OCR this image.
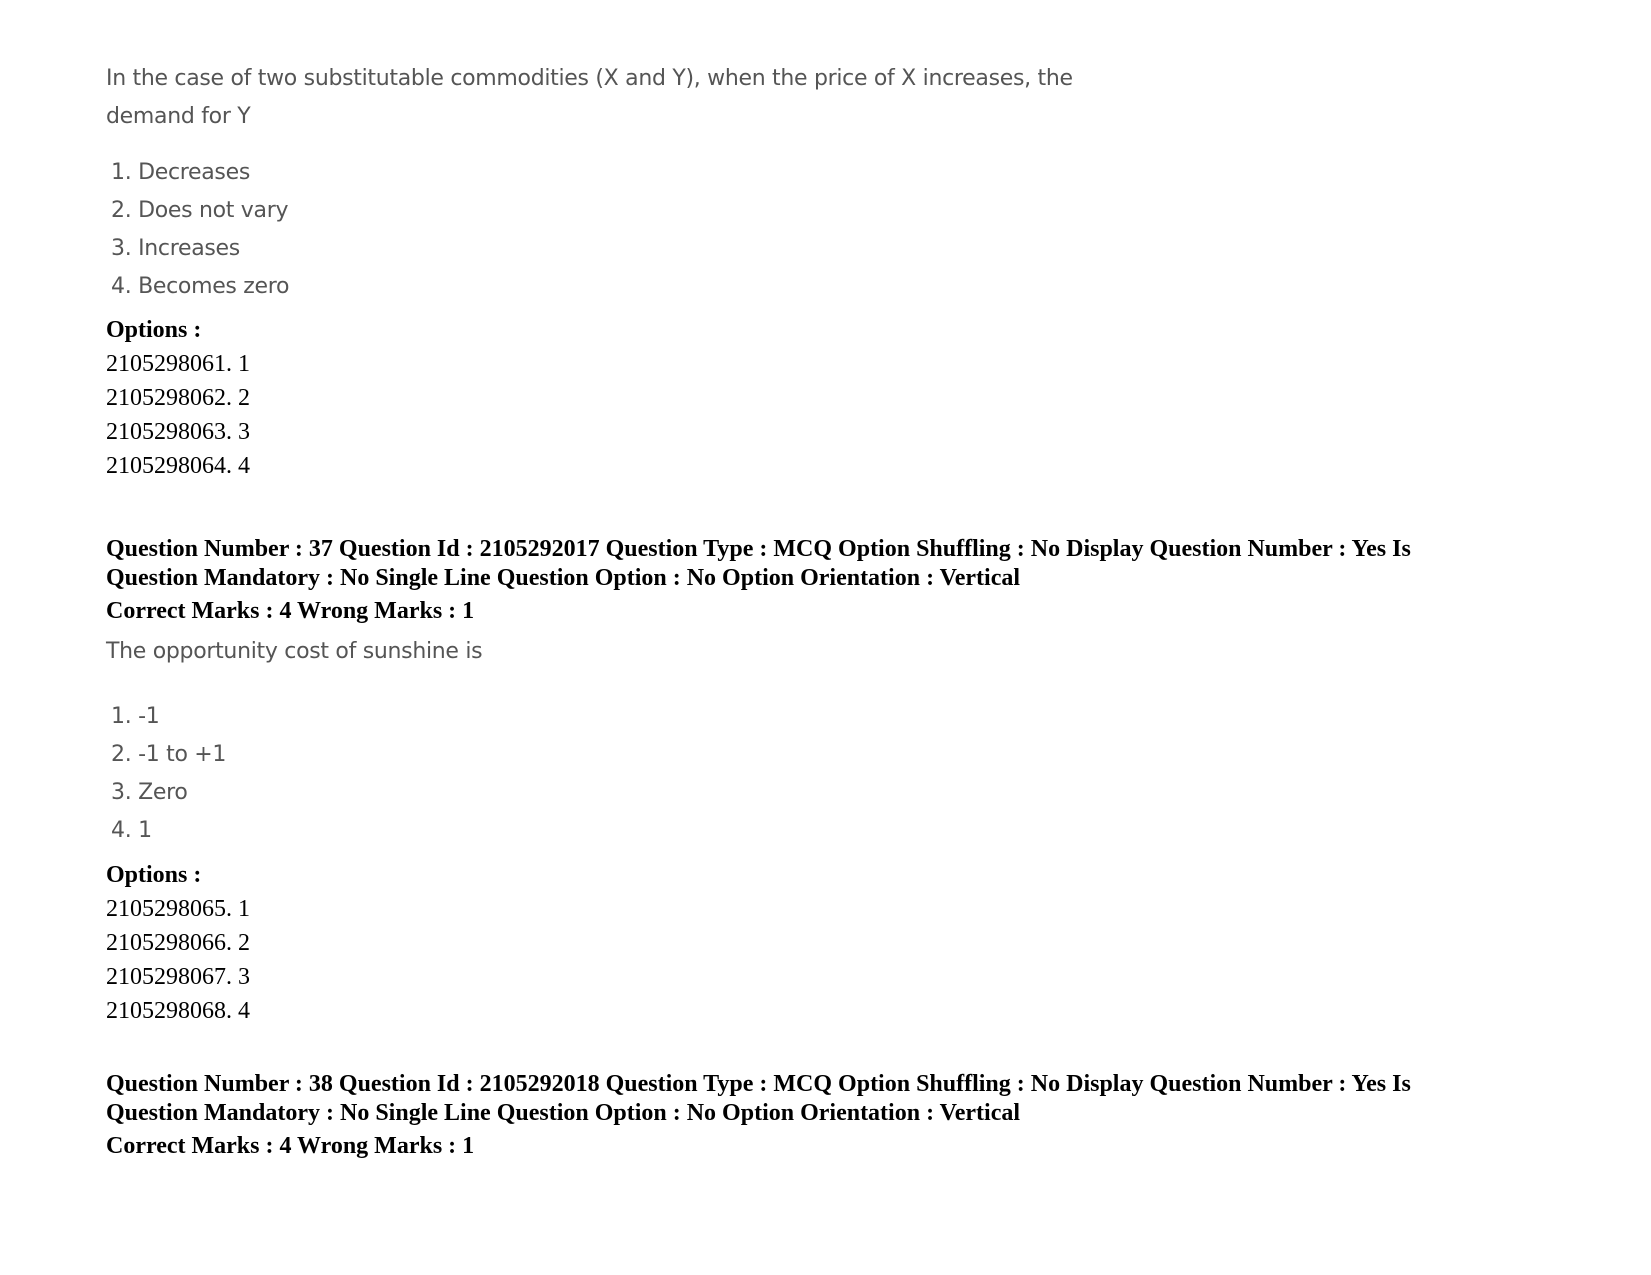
In the case of two substitutable commodities (X and Y), when the price of X increases, the
demand for Y
1. Decreases
2. Does not vary
3. Increases
4. Becomes zero
Options :
2105298061. 1
2105298062. 2
2105298063. 3
2105298064. 4
Question Number : 37 Question Id : 2105292017 Question Type : MCQ Option Shuffling : No Display Question Number : Yes Is
Question Mandatory : No Single Line Question Option : No Option Orientation : Vertical
Correct Marks : 4 Wrong Marks : 1
The opportunity cost of sunshine is
1. -1
2. -1 to +1
3. Zero
4. 1
Options :
2105298065. 1
2105298066. 2
2105298067. 3
2105298068. 4
Question Number : 38 Question Id : 2105292018 Question Type : MCQ Option Shuffling : No Display Question Number : Yes Is
Question Mandatory : No Single Line Question Option : No Option Orientation : Vertical
Correct Marks : 4 Wrong Marks : 1
